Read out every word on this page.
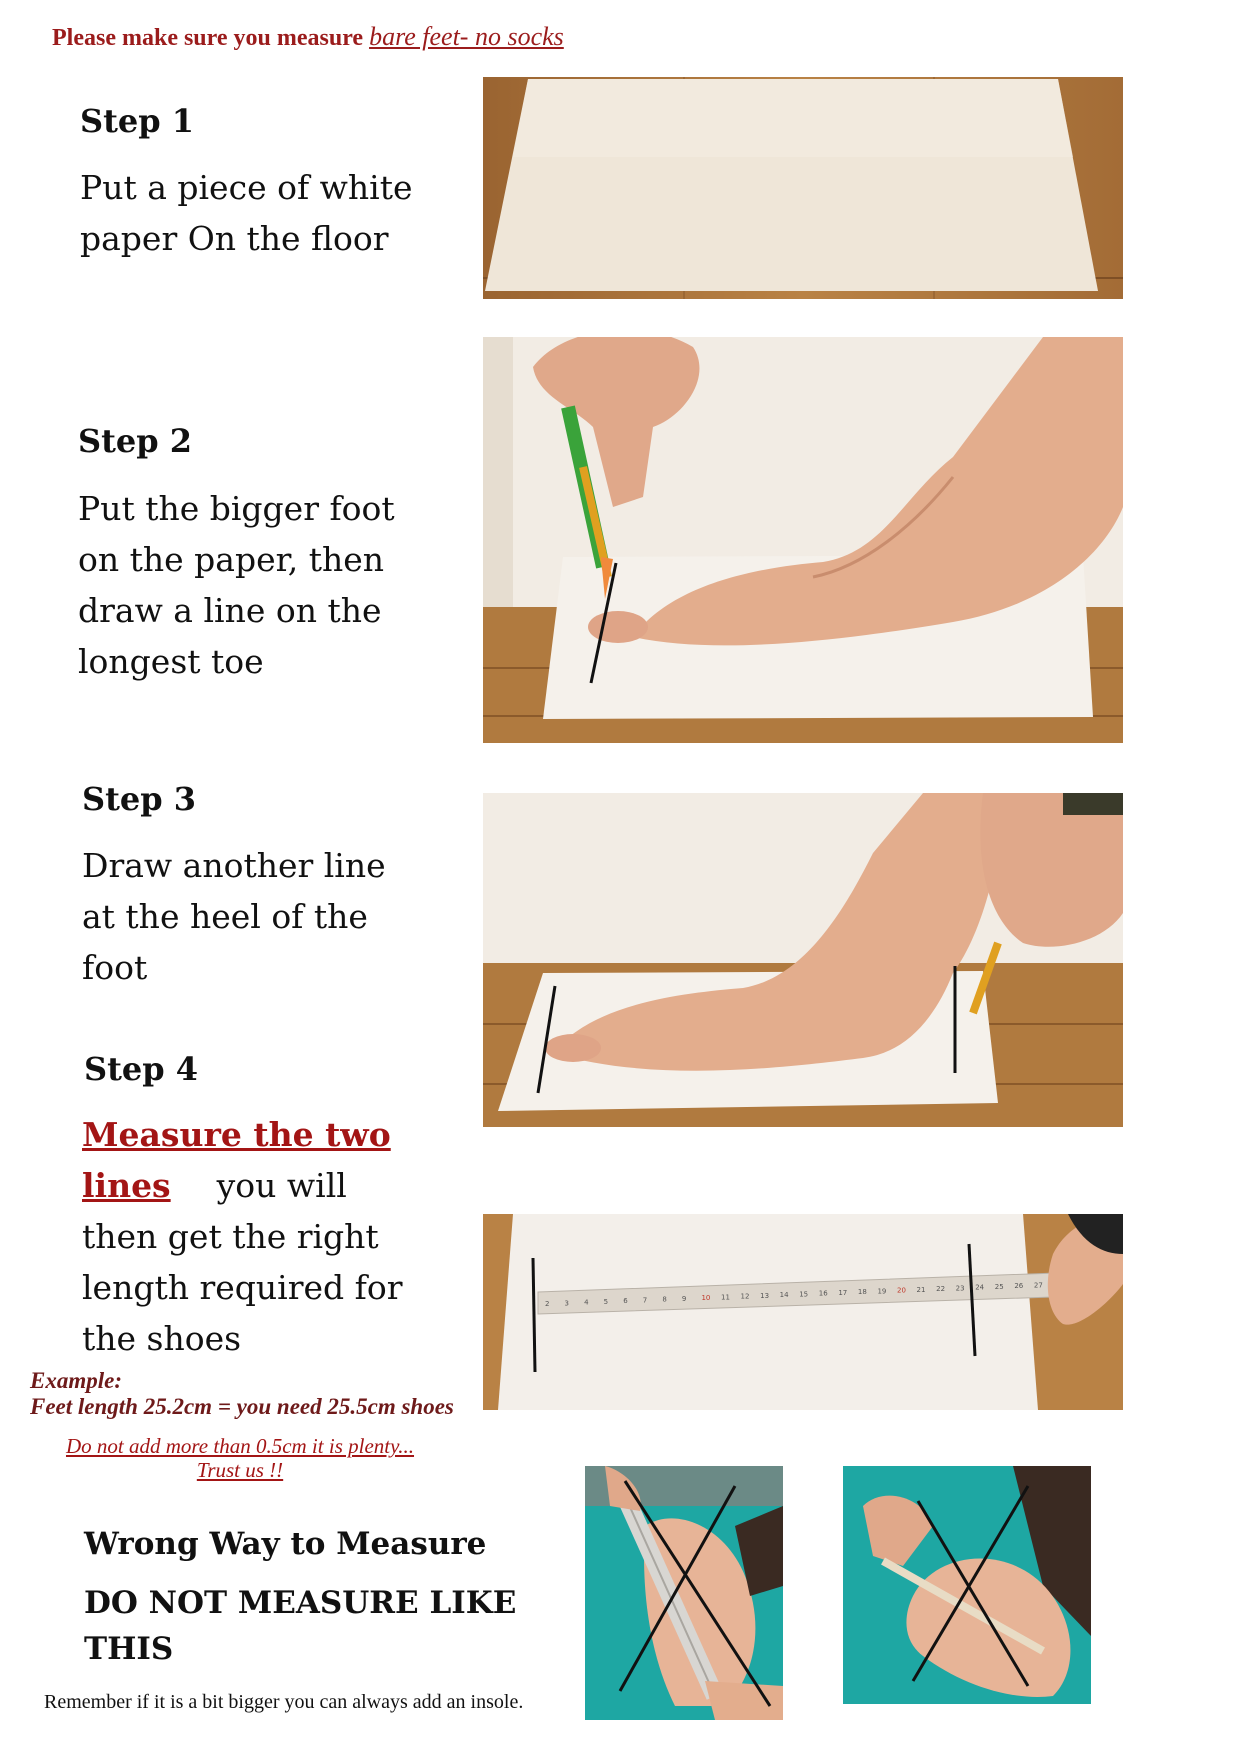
Please make sure you measure bare feet- no socks
Step 1
Put a piece of white
paper On the floor
Step 2
Put the bigger foot
on the paper, then
draw a line on the
longest toe
Step 3
Draw another line
at the heel of the
foot
Step 4
Measure the two
lines you will
then get the right
length required for
the shoes
2 3 4 5 6 7 8 9 10 11 12 13 14 15 16 17 18 19 20 21 22 23 24 25 26 27
Example:
Feet length 25.2cm = you need 25.5cm shoes
Do not add more than 0.5cm it is plenty...
Trust us !!
Wrong Way to Measure
DO NOT MEASURE LIKE
THIS
Remember if it is a bit bigger you can always add an insole.
